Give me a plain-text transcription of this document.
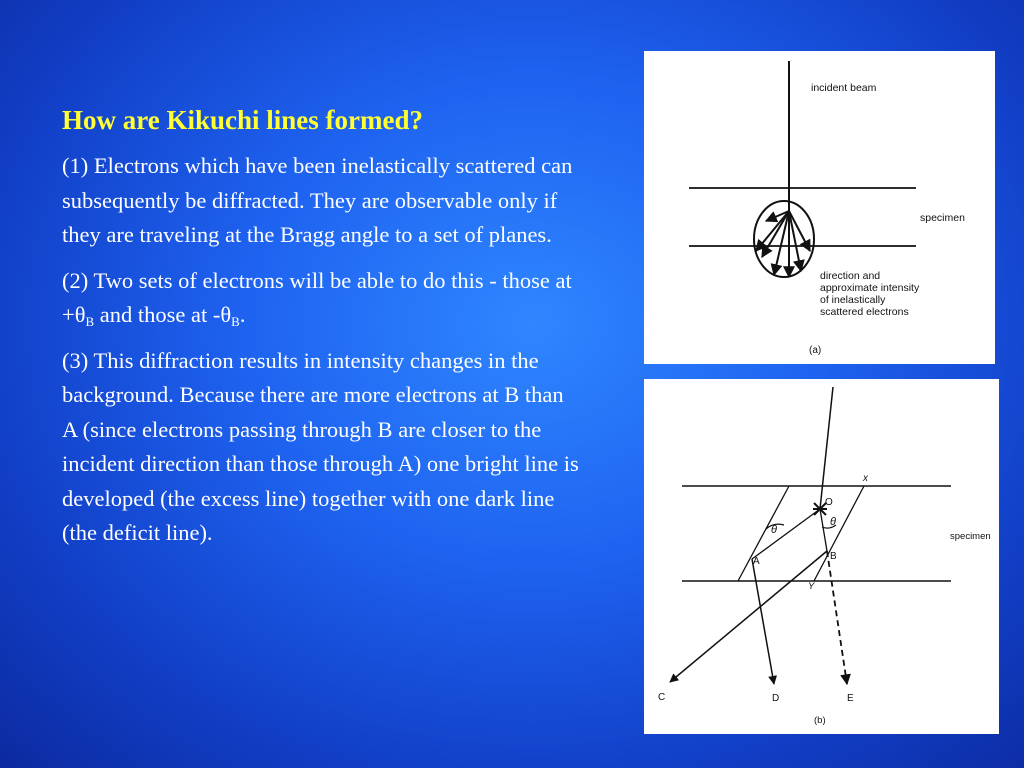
How are Kikuchi lines formed?

(1) Electrons which have been inelastically scattered can subsequently be diffracted. They are observable only if they are traveling at the Bragg angle to a set of planes.

(2) Two sets of electrons will be able to do this - those at $+\theta_B$ and those at $-\theta_B$.

(3) This diffraction results in intensity changes in the background. Because there are more electrons at B than A (since electrons passing through B are closer to the incident direction than those through A) one bright line is developed (the excess line) together with one dark line (the deficit line).

incident beam
specimen
direction and
approximate intensity
of inelastically
scattered electrons
(a)
x
O
θ
θ
A	B
Y
C	D	E
specimen
(b)
